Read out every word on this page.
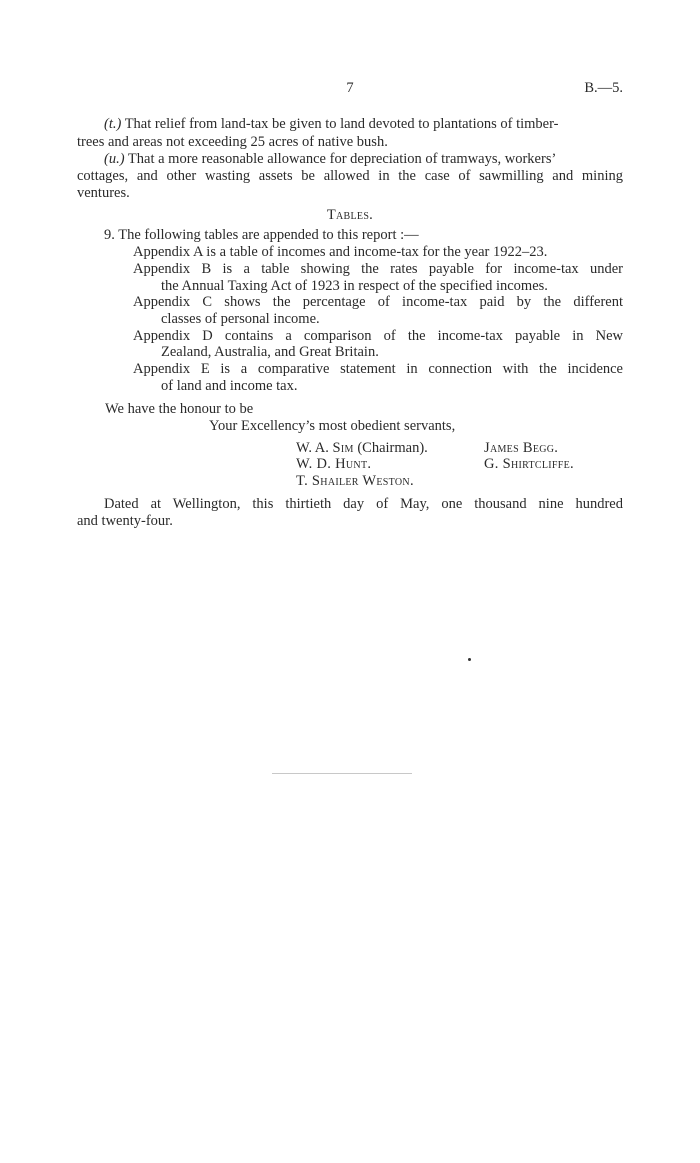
7	B.—5.
(t.) That relief from land-tax be given to land devoted to plantations of timber-
trees and areas not exceeding 25 acres of native bush.
(u.) That a more reasonable allowance for depreciation of tramways, workers’
cottages, and other wasting assets be allowed in the case of sawmilling and mining
ventures.
Tables.
9. The following tables are appended to this report :—
Appendix A is a table of incomes and income-tax for the year 1922–23.
Appendix B is a table showing the rates payable for income-tax under
the Annual Taxing Act of 1923 in respect of the specified incomes.
Appendix C shows the percentage of income-tax paid by the different
classes of personal income.
Appendix D contains a comparison of the income-tax payable in New
Zealand, Australia, and Great Britain.
Appendix E is a comparative statement in connection with the incidence
of land and income tax.
We have the honour to be
Your Excellency’s most obedient servants,
W. A. Sim (Chairman).	James Begg.
W. D. Hunt.	G. Shirtcliffe.
T. Shailer Weston.
Dated at Wellington, this thirtieth day of May, one thousand nine hundred
and twenty-four.
